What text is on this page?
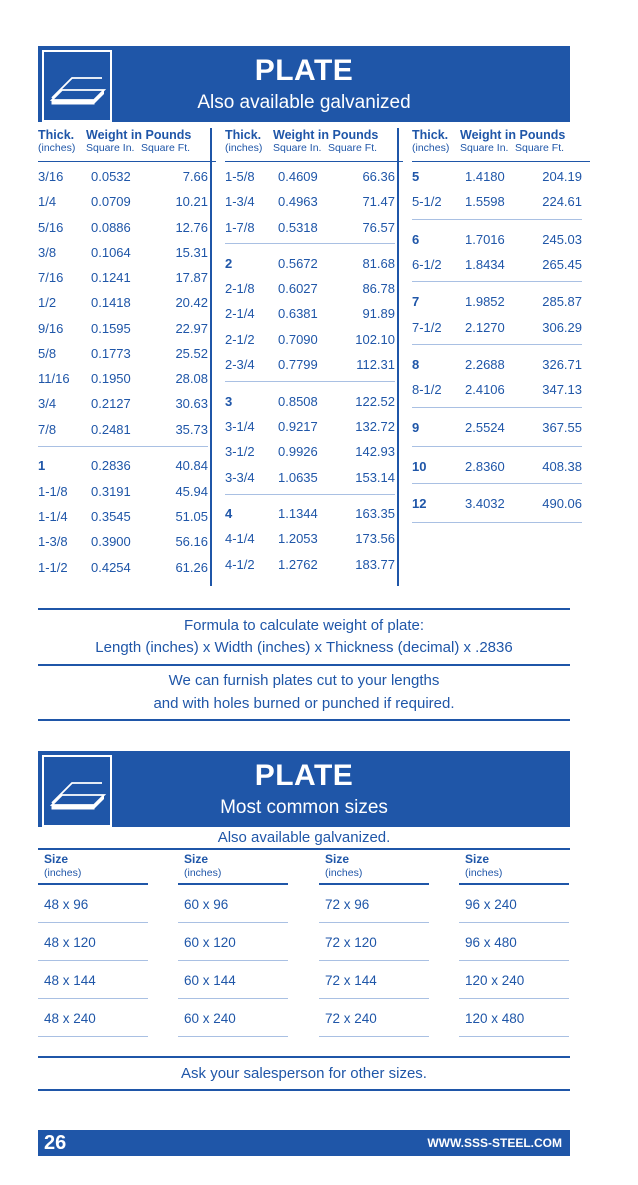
PLATE
Also available galvanized
Thick. Weight in Pounds
(inches) Square In. Square Ft.
3/16 0.0532	7.66
1/4	0.0709	10.21
5/16 0.0886	12.76
3/8	0.1064	15.31
7/16 0.1241	17.87
1/2	0.1418	20.42
9/16 0.1595	22.97
5/8	0.1773	25.52
11/16 0.1950	28.08
3/4	0.2127	30.63
7/8	0.2481	35.73
1	0.2836	40.84
1-1/8 0.3191	45.94
1-1/4 0.3545	51.05
1-3/8 0.3900	56.16
1-1/2 0.4254	61.26
Thick. Weight in Pounds
(inches) Square In. Square Ft.
1-5/8 0.4609	66.36
1-3/4 0.4963	71.47
1-7/8 0.5318	76.57
2	0.5672	81.68
2-1/8 0.6027	86.78
2-1/4 0.6381	91.89
2-1/2 0.7090	102.10
2-3/4 0.7799	112.31
3	0.8508	122.52
3-1/4 0.9217	132.72
3-1/2 0.9926	142.93
3-3/4 1.0635	153.14
4	1.1344	163.35
4-1/4 1.2053	173.56
4-1/2 1.2762	183.77
Thick. Weight in Pounds
(inches) Square In. Square Ft.
5	1.4180	204.19
5-1/2 1.5598	224.61
6	1.7016	245.03
6-1/2 1.8434	265.45
7	1.9852	285.87
7-1/2 2.1270	306.29
8	2.2688	326.71
8-1/2 2.4106	347.13
9	2.5524	367.55
10	2.8360	408.38
12	3.4032	490.06
Formula to calculate weight of plate:
Length (inches) x Width (inches) x Thickness (decimal) x .2836
We can furnish plates cut to your lengths
and with holes burned or punched if required.
PLATE
Most common sizes
Also available galvanized.
Size
(inches)
48 x 96
48 x 120
48 x 144
48 x 240
Size
(inches)
60 x 96
60 x 120
60 x 144
60 x 240
Size
(inches)
72 x 96
72 x 120
72 x 144
72 x 240
Size
(inches)
96 x 240
96 x 480
120 x 240
120 x 480
Ask your salesperson for other sizes.
26	WWW.SSS-STEEL.COM
